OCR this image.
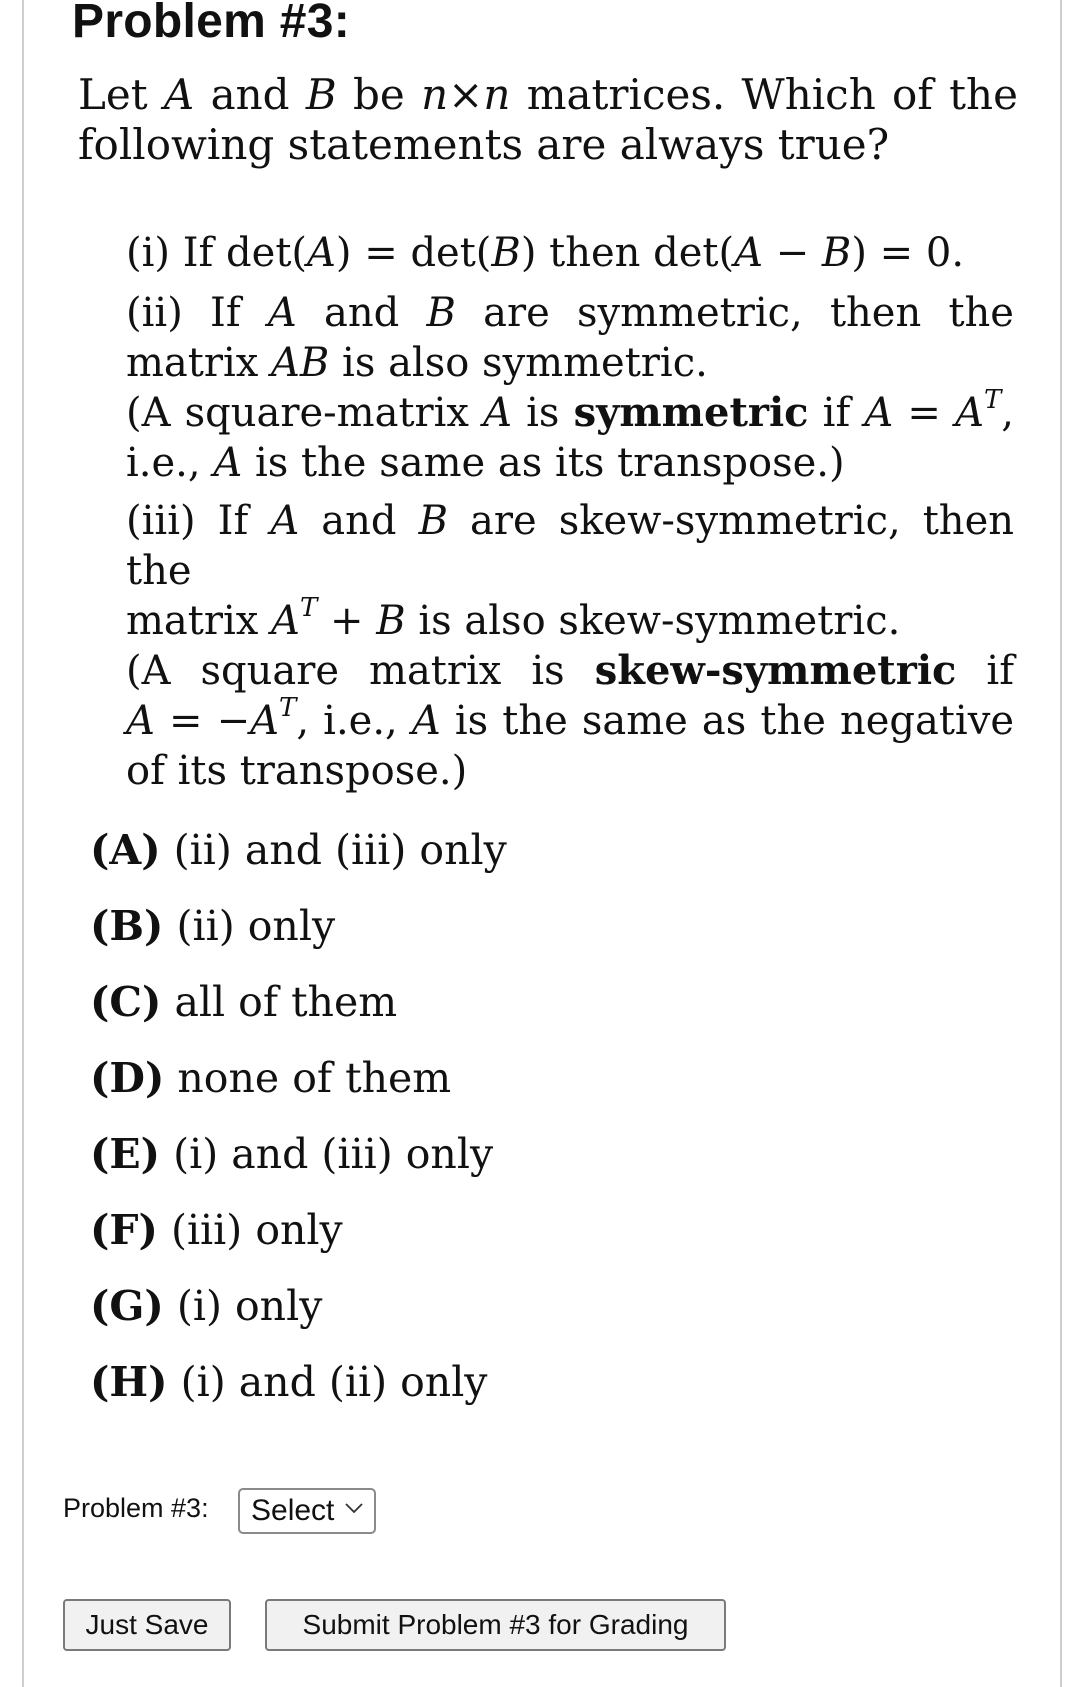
Problem #3:
Let A and B be n×n matrices. Which of the following statements are always true?
(i) If det(A) = det(B) then det(A − B) = 0.
(ii) If A and B are symmetric, then the
matrix AB is also symmetric.
(A square-matrix A is symmetric if $A = A^T$,
i.e., A is the same as its transpose.)
(iii) If A and B are skew-symmetric, then the
matrix $A^T + B$ is also skew-symmetric.
(A square matrix is skew-symmetric if
$A = -A^T$, i.e., A is the same as the negative
of its transpose.)
(A) (ii) and (iii) only
(B) (ii) only
(C) all of them
(D) none of them
(E) (i) and (iii) only
(F) (iii) only
(G) (i) only
(H) (i) and (ii) only
Problem #3:	Select
Just Save	Submit Problem #3 for Grading
